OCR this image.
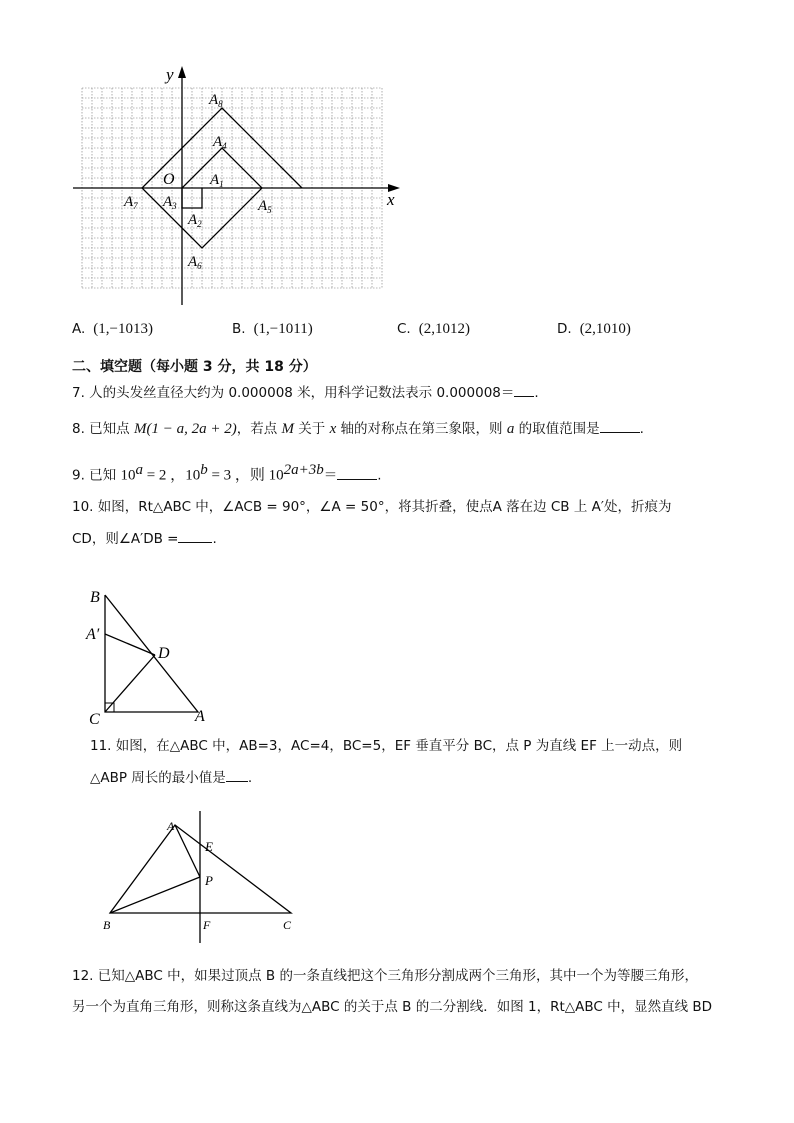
y
x
O
$A_8$
$A_4$
$A_1$
$A_7$ $A_3$	$A_5$
$A_2$
$A_6$
A. (1,−1013)	B. (1,−1011)	C. (2,1012)	D. (2,1010)
二、填空题（每小题 3 分，共 18 分）
7. 人的头发丝直径大约为 0.000008 米，用科学记数法表示 0.000008＝ .
8. 已知点 M(1 − a, 2a + 2)，若点 M 关于 x 轴的对称点在第三象限，则 a 的取值范围是	.
9. 已知 $10^a = 2$ ，$10^b = 3$ ，则 $10^{2a+3b}=$	.
10. 如图，Rt△ABC 中，∠ACB = 90°，∠A = 50°，将其折叠，使点A 落在边 CB 上 A′处，折痕为
CD，则∠A′DB =	.
B
A′
D
C	A
11. 如图，在△ABC 中，AB=3，AC=4，BC=5，EF 垂直平分 BC，点 P 为直线 EF 上一动点，则
△ABP 周长的最小值是 .
A
E
P
B	F	C
12. 已知△ABC 中，如果过顶点 B 的一条直线把这个三角形分割成两个三角形，其中一个为等腰三角形，
另一个为直角三角形，则称这条直线为△ABC 的关于点 B 的二分割线．如图 1，Rt△ABC 中，显然直线 BD
